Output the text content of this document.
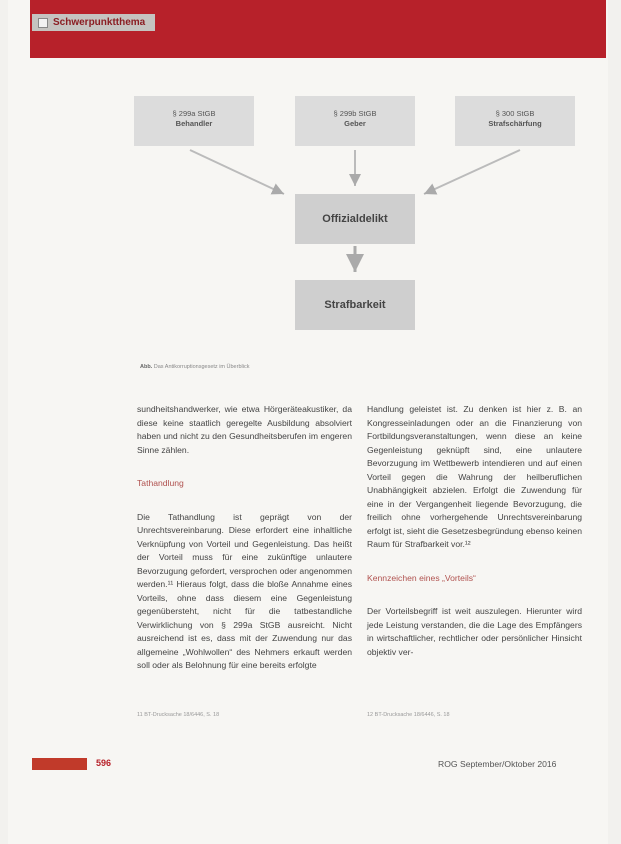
Schwerpunktthema
§ 299a StGB
Behandler
§ 299b StGB
Geber
§ 300 StGB
Strafschärfung
Offizialdelikt
Strafbarkeit
Abb. Das Antikorruptionsgesetz im Überblick

sundheitshandwerker, wie etwa Hörgeräteakustiker, da diese keine staatlich geregelte Ausbildung absolviert haben und nicht zu den Gesundheitsberufen im engeren Sinne zählen.

Tathandlung

Die Tathandlung ist geprägt von der Unrechtsvereinbarung. Diese erfordert eine inhaltliche Verknüpfung von Vorteil und Gegenleistung. Das heißt der Vorteil muss für eine zukünftige unlautere Bevorzugung gefordert, versprochen oder angenommen werden.¹¹ Hieraus folgt, dass die bloße Annahme eines Vorteils, ohne dass diesem eine Gegenleistung gegenübersteht, nicht für die tatbestandliche Verwirklichung von § 299a StGB ausreicht. Nicht ausreichend ist es, dass mit der Zuwendung nur das allgemeine „Wohlwollen“ des Nehmers erkauft werden soll oder als Belohnung für eine bereits erfolgte

Handlung geleistet ist. Zu denken ist hier z. B. an Kongresseinladungen oder an die Finanzierung von Fortbildungsveranstaltungen, wenn diese an keine Gegenleistung geknüpft sind, eine unlautere Bevorzugung im Wettbewerb intendieren und auf einen Vorteil gegen die Wahrung der heilberuflichen Unabhängigkeit abzielen. Erfolgt die Zuwendung für eine in der Vergangenheit liegende Bevorzugung, die freilich ohne vorhergehende Unrechtsvereinbarung erfolgt ist, sieht die Gesetzesbegründung ebenso keinen Raum für Strafbarkeit vor.¹²

Kennzeichen eines „Vorteils“

Der Vorteilsbegriff ist weit auszulegen. Hierunter wird jede Leistung verstanden, die die Lage des Empfängers in wirtschaftlicher, rechtlicher oder persönlicher Hinsicht objektiv ver-

11 BT-Drucksache 18/6446, S. 18	12 BT-Drucksache 18/6446, S. 18
596	ROG September/Oktober 2016
